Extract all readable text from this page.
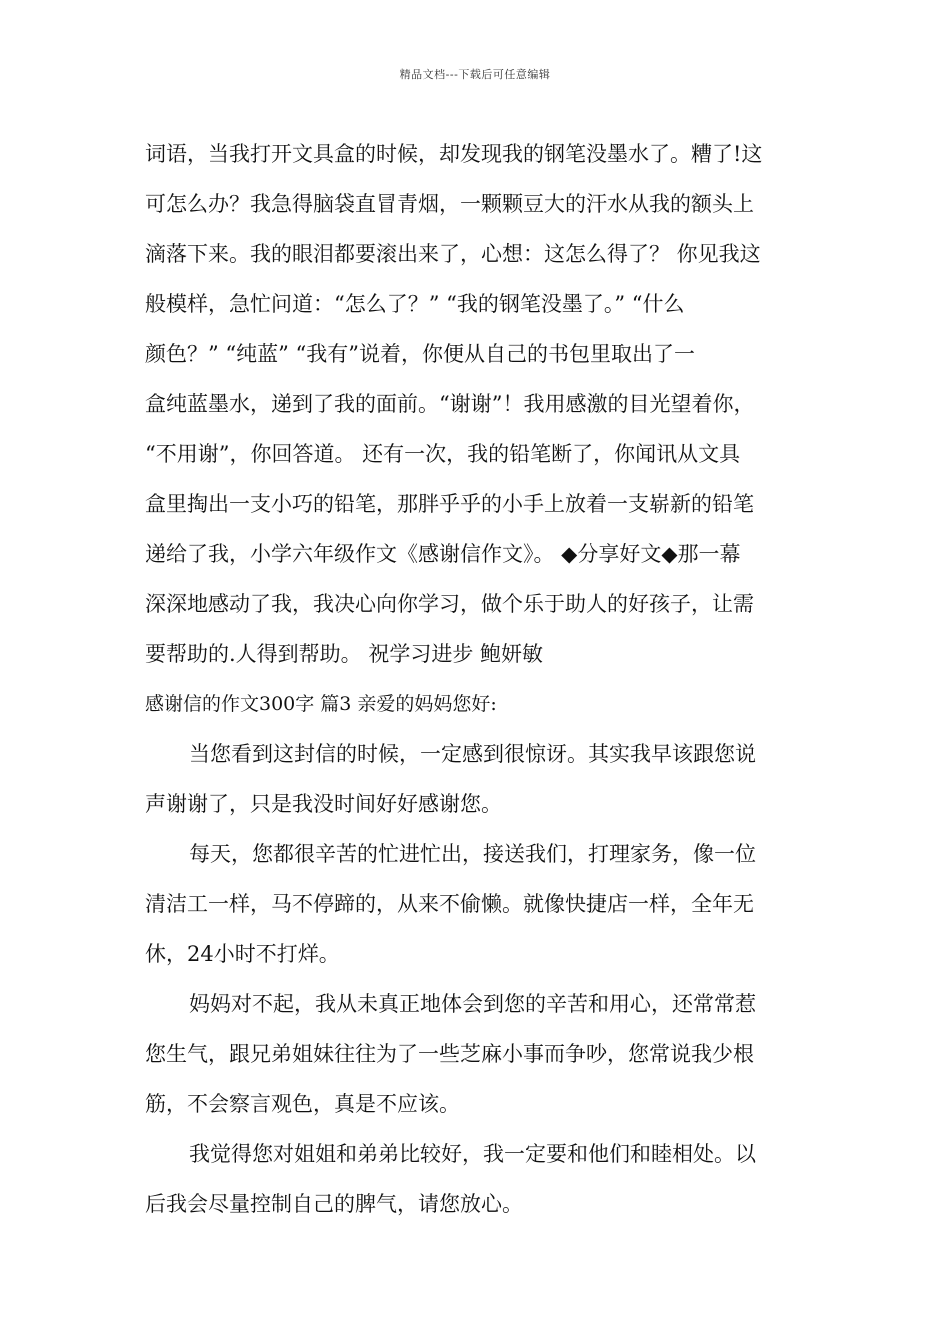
精品文档---下载后可任意编辑
词语，当我打开文具盒的时候，却发现我的钢笔没墨水了。糟了!这
可怎么办？我急得脑袋直冒青烟，一颗颗豆大的汗水从我的额头上
滴落下来。我的眼泪都要滚出来了，心想：这怎么得了？ 你见我这
般模样，急忙问道：“怎么了？” “我的钢笔没墨了。” “什么
颜色？” “纯蓝” “我有”说着，你便从自己的书包里取出了一
盒纯蓝墨水，递到了我的面前。“谢谢”！我用感激的目光望着你，
“不用谢”，你回答道。 还有一次，我的铅笔断了，你闻讯从文具
盒里掏出一支小巧的铅笔，那胖乎乎的小手上放着一支崭新的铅笔
递给了我，小学六年级作文《感谢信作文》。 ◆分享好文◆那一幕
深深地感动了我，我决心向你学习，做个乐于助人的好孩子，让需
要帮助的.人得到帮助。 祝学习进步 鲍妍敏
感谢信的作文300字 篇3 亲爱的妈妈您好:
当您看到这封信的时候，一定感到很惊讶。其实我早该跟您说
声谢谢了，只是我没时间好好感谢您。
每天，您都很辛苦的忙进忙出，接送我们，打理家务，像一位
清洁工一样，马不停蹄的，从来不偷懒。就像快捷店一样，全年无
休，24小时不打烊。
妈妈对不起，我从未真正地体会到您的辛苦和用心，还常常惹
您生气，跟兄弟姐妹往往为了一些芝麻小事而争吵，您常说我少根
筋，不会察言观色，真是不应该。
我觉得您对姐姐和弟弟比较好，我一定要和他们和睦相处。以
后我会尽量控制自己的脾气，请您放心。
